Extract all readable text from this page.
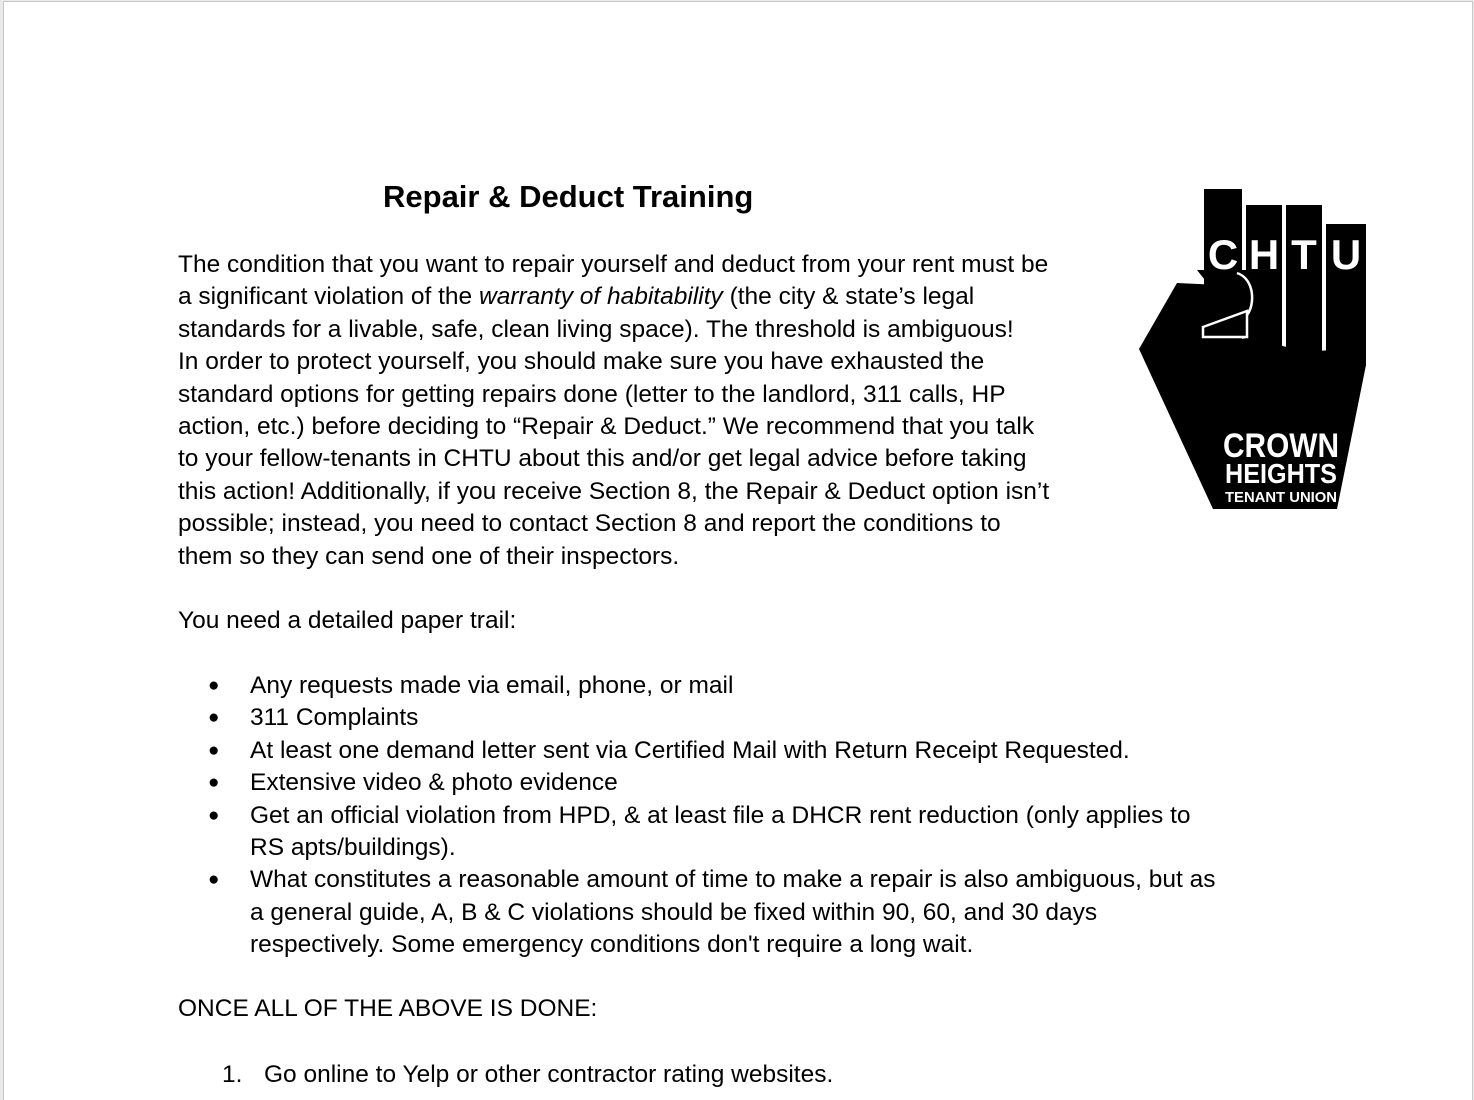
Repair & Deduct Training
C H T U
CROWN
HEIGHTS
TENANT UNION

The condition that you want to repair yourself and deduct from your rent must be
a significant violation of the warranty of habitability (the city & state’s legal
standards for a livable, safe, clean living space). The threshold is ambiguous!
In order to protect yourself, you should make sure you have exhausted the
standard options for getting repairs done (letter to the landlord, 311 calls, HP
action, etc.) before deciding to “Repair & Deduct.” We recommend that you talk
to your fellow-tenants in CHTU about this and/or get legal advice before taking
this action! Additionally, if you receive Section 8, the Repair & Deduct option isn’t
possible; instead, you need to contact Section 8 and report the conditions to
them so they can send one of their inspectors.

You need a detailed paper trail:

● Any requests made via email, phone, or mail
● 311 Complaints
● At least one demand letter sent via Certified Mail with Return Receipt Requested.
● Extensive video & photo evidence
● Get an official violation from HPD, & at least file a DHCR rent reduction (only applies to
RS apts/buildings).
● What constitutes a reasonable amount of time to make a repair is also ambiguous, but as
a general guide, A, B & C violations should be fixed within 90, 60, and 30 days
respectively. Some emergency conditions don't require a long wait.

ONCE ALL OF THE ABOVE IS DONE:

1. Go online to Yelp or other contractor rating websites.
